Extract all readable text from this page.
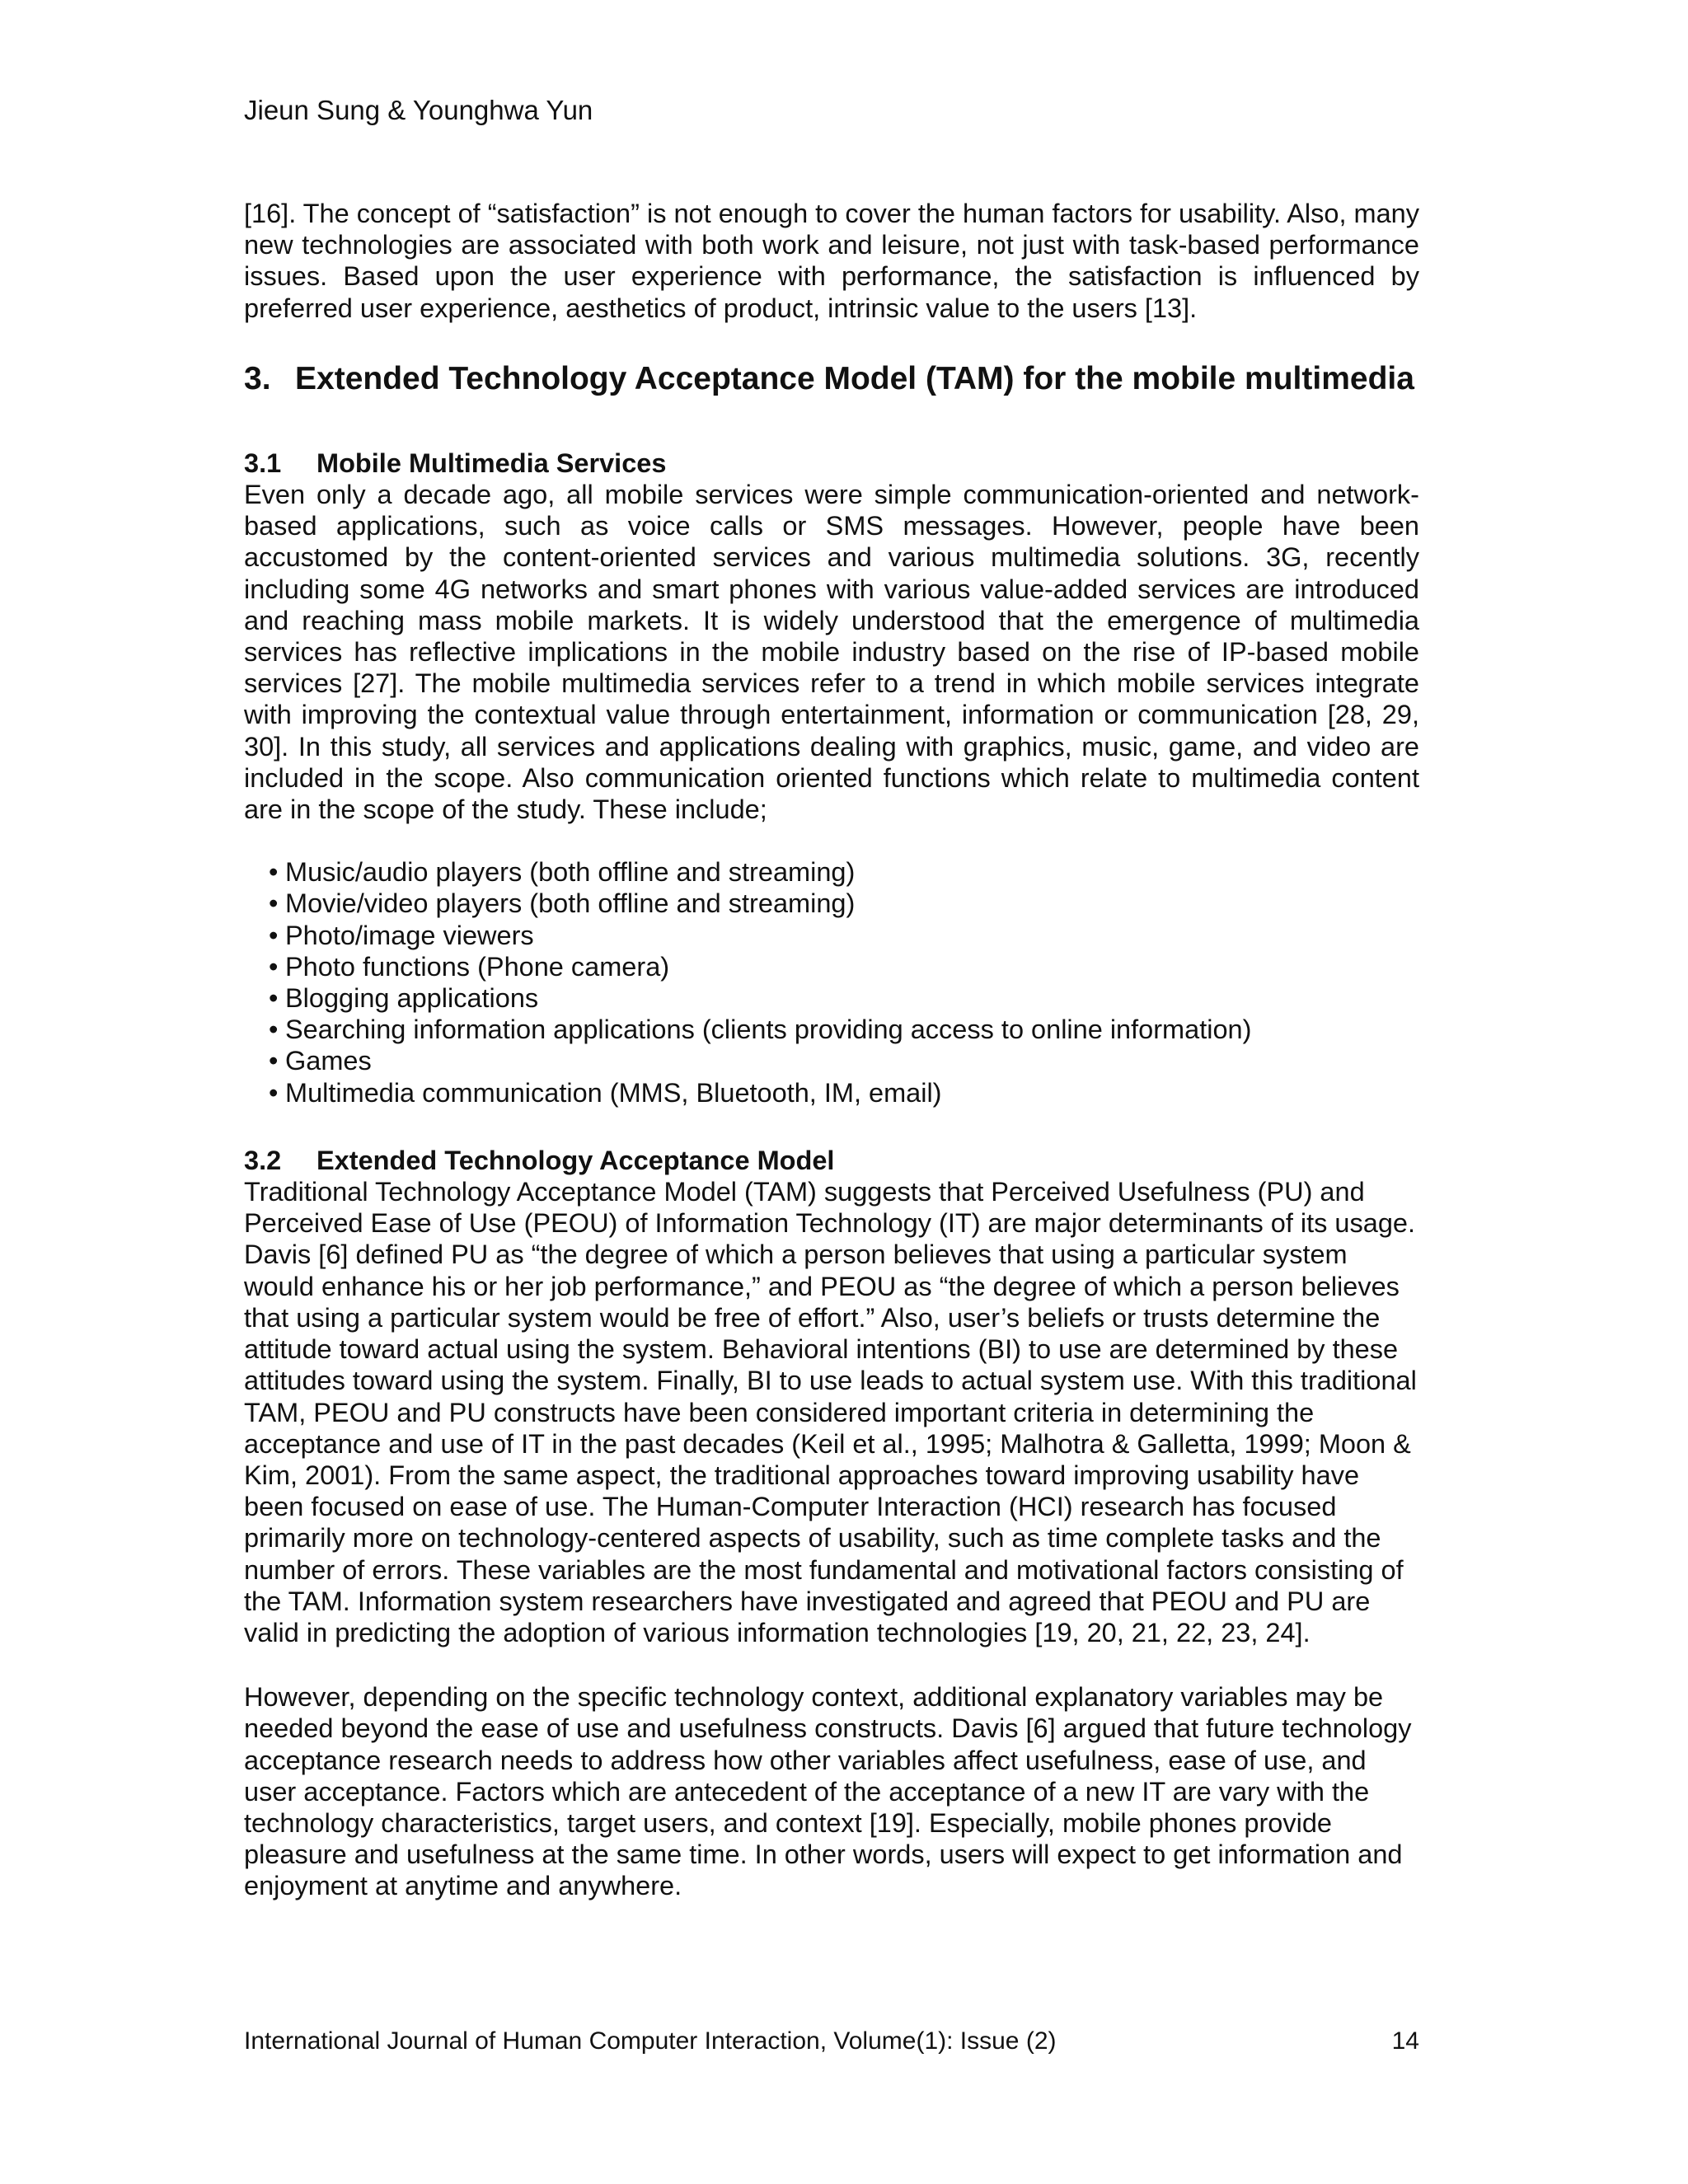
Jieun Sung & Younghwa Yun

[16]. The concept of “satisfaction” is not enough to cover the human factors for usability. Also, many new technologies are associated with both work and leisure, not just with task-based performance issues. Based upon the user experience with performance, the satisfaction is influenced by preferred user experience, aesthetics of product, intrinsic value to the users [13].

3. Extended Technology Acceptance Model (TAM) for the mobile multimedia
3.1	Mobile Multimedia Services

Even only a decade ago, all mobile services were simple communication-oriented and network-based applications, such as voice calls or SMS messages. However, people have been accustomed by the content-oriented services and various multimedia solutions. 3G, recently including some 4G networks and smart phones with various value-added services are introduced and reaching mass mobile markets. It is widely understood that the emergence of multimedia services has reflective implications in the mobile industry based on the rise of IP-based mobile services [27]. The mobile multimedia services refer to a trend in which mobile services integrate with improving the contextual value through entertainment, information or communication [28, 29, 30]. In this study, all services and applications dealing with graphics, music, game, and video are included in the scope. Also communication oriented functions which relate to multimedia content are in the scope of the study. These include;

• Music/audio players (both offline and streaming)
• Movie/video players (both offline and streaming)
• Photo/image viewers
• Photo functions (Phone camera)
• Blogging applications
• Searching information applications (clients providing access to online information)
• Games
• Multimedia communication (MMS, Bluetooth, IM, email)
3.2	Extended Technology Acceptance Model

Traditional Technology Acceptance Model (TAM) suggests that Perceived Usefulness (PU) and Perceived Ease of Use (PEOU) of Information Technology (IT) are major determinants of its usage. Davis [6] defined PU as “the degree of which a person believes that using a particular system would enhance his or her job performance,” and PEOU as “the degree of which a person believes that using a particular system would be free of effort.” Also, user’s beliefs or trusts determine the attitude toward actual using the system. Behavioral intentions (BI) to use are determined by these attitudes toward using the system. Finally, BI to use leads to actual system use. With this traditional TAM, PEOU and PU constructs have been considered important criteria in determining the acceptance and use of IT in the past decades (Keil et al., 1995; Malhotra & Galletta, 1999; Moon & Kim, 2001). From the same aspect, the traditional approaches toward improving usability have been focused on ease of use. The Human-Computer Interaction (HCI) research has focused primarily more on technology-centered aspects of usability, such as time complete tasks and the number of errors. These variables are the most fundamental and motivational factors consisting of the TAM. Information system researchers have investigated and agreed that PEOU and PU are valid in predicting the adoption of various information technologies [19, 20, 21, 22, 23, 24].

However, depending on the specific technology context, additional explanatory variables may be needed beyond the ease of use and usefulness constructs. Davis [6] argued that future technology acceptance research needs to address how other variables affect usefulness, ease of use, and user acceptance. Factors which are antecedent of the acceptance of a new IT are vary with the technology characteristics, target users, and context [19]. Especially, mobile phones provide pleasure and usefulness at the same time. In other words, users will expect to get information and enjoyment at anytime and anywhere.

International Journal of Human Computer Interaction, Volume(1): Issue (2)	14
